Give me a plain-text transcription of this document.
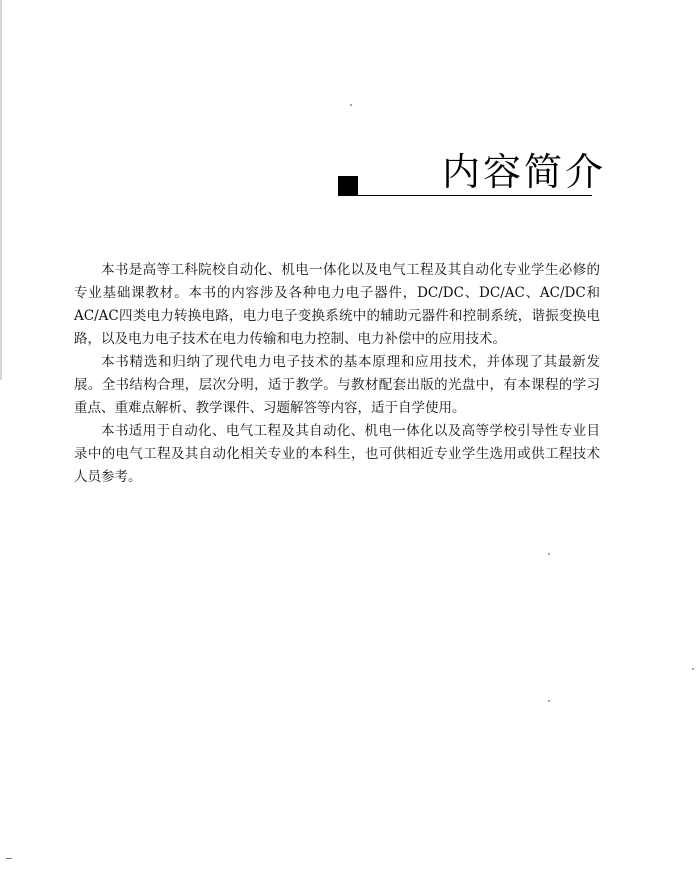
内容简介

本书是高等工科院校自动化、机电一体化以及电气工程及其自动化专业学生必修的专业基础课教材。本书的内容涉及各种电力电子器件，DC/DC、DC/AC、AC/DC和AC/AC四类电力转换电路，电力电子变换系统中的辅助元器件和控制系统，谐振变换电路，以及电力电子技术在电力传输和电力控制、电力补偿中的应用技术。

本书精选和归纳了现代电力电子技术的基本原理和应用技术，并体现了其最新发展。全书结构合理，层次分明，适于教学。与教材配套出版的光盘中，有本课程的学习重点、重难点解析、教学课件、习题解答等内容，适于自学使用。

本书适用于自动化、电气工程及其自动化、机电一体化以及高等学校引导性专业目录中的电气工程及其自动化相关专业的本科生，也可供相近专业学生选用或供工程技术人员参考。
